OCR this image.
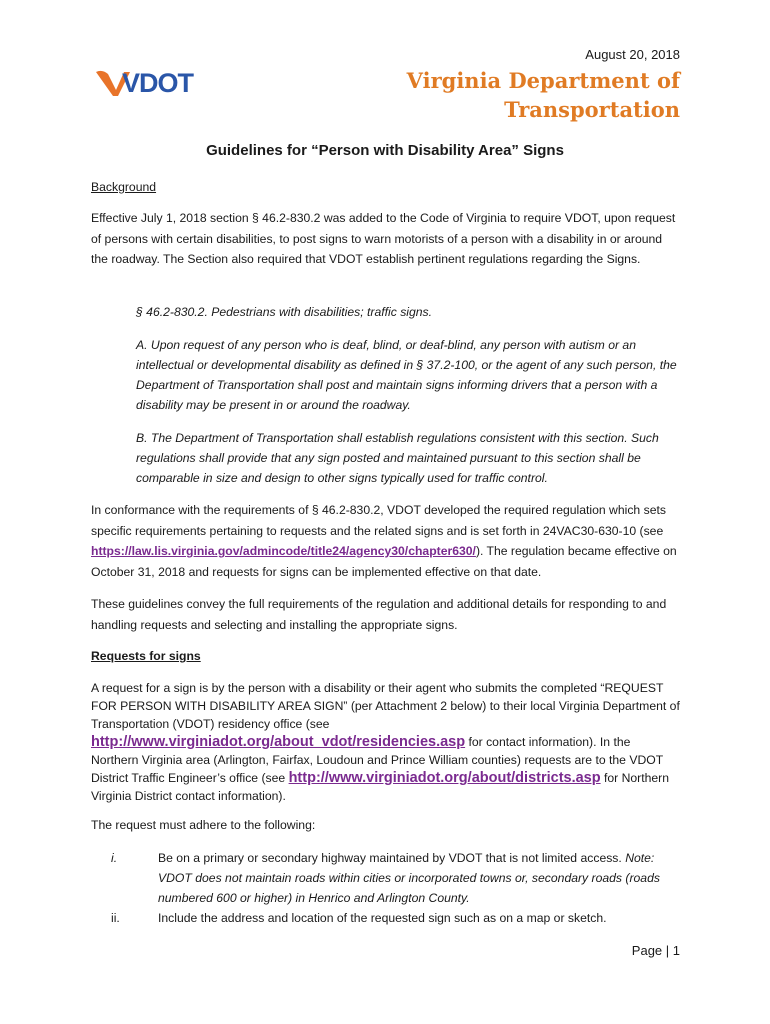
August 20, 2018
VDOT	Virginia Department of
Transportation
Guidelines for “Person with Disability Area” Signs
Background
Effective July 1, 2018 section § 46.2-830.2 was added to the Code of Virginia to require VDOT, upon request of persons with certain disabilities, to post signs to warn motorists of a person with a disability in or around the roadway. The Section also required that VDOT establish pertinent regulations regarding the Signs.
§ 46.2-830.2. Pedestrians with disabilities; traffic signs.
A. Upon request of any person who is deaf, blind, or deaf-blind, any person with autism or an intellectual or developmental disability as defined in § 37.2-100, or the agent of any such person, the Department of Transportation shall post and maintain signs informing drivers that a person with a disability may be present in or around the roadway.
B. The Department of Transportation shall establish regulations consistent with this section. Such regulations shall provide that any sign posted and maintained pursuant to this section shall be comparable in size and design to other signs typically used for traffic control.
In conformance with the requirements of § 46.2-830.2, VDOT developed the required regulation which sets specific requirements pertaining to requests and the related signs and is set forth in 24VAC30-630-10 (see https://law.lis.virginia.gov/admincode/title24/agency30/chapter630/). The regulation became effective on October 31, 2018 and requests for signs can be implemented effective on that date.
These guidelines convey the full requirements of the regulation and additional details for responding to and handling requests and selecting and installing the appropriate signs.
Requests for signs
A request for a sign is by the person with a disability or their agent who submits the completed “REQUEST FOR PERSON WITH DISABILITY AREA SIGN” (per Attachment 2 below) to their local Virginia Department of Transportation (VDOT) residency office (see http://www.virginiadot.org/about_vdot/residencies.asp for contact information). In the Northern Virginia area (Arlington, Fairfax, Loudoun and Prince William counties) requests are to the VDOT District Traffic Engineer’s office (see http://www.virginiadot.org/about/districts.asp for Northern Virginia District contact information).
The request must adhere to the following:
i.	Be on a primary or secondary highway maintained by VDOT that is not limited access. Note: VDOT does not maintain roads within cities or incorporated towns or, secondary roads (roads numbered 600 or higher) in Henrico and Arlington County.
ii.	Include the address and location of the requested sign such as on a map or sketch.
Page | 1
